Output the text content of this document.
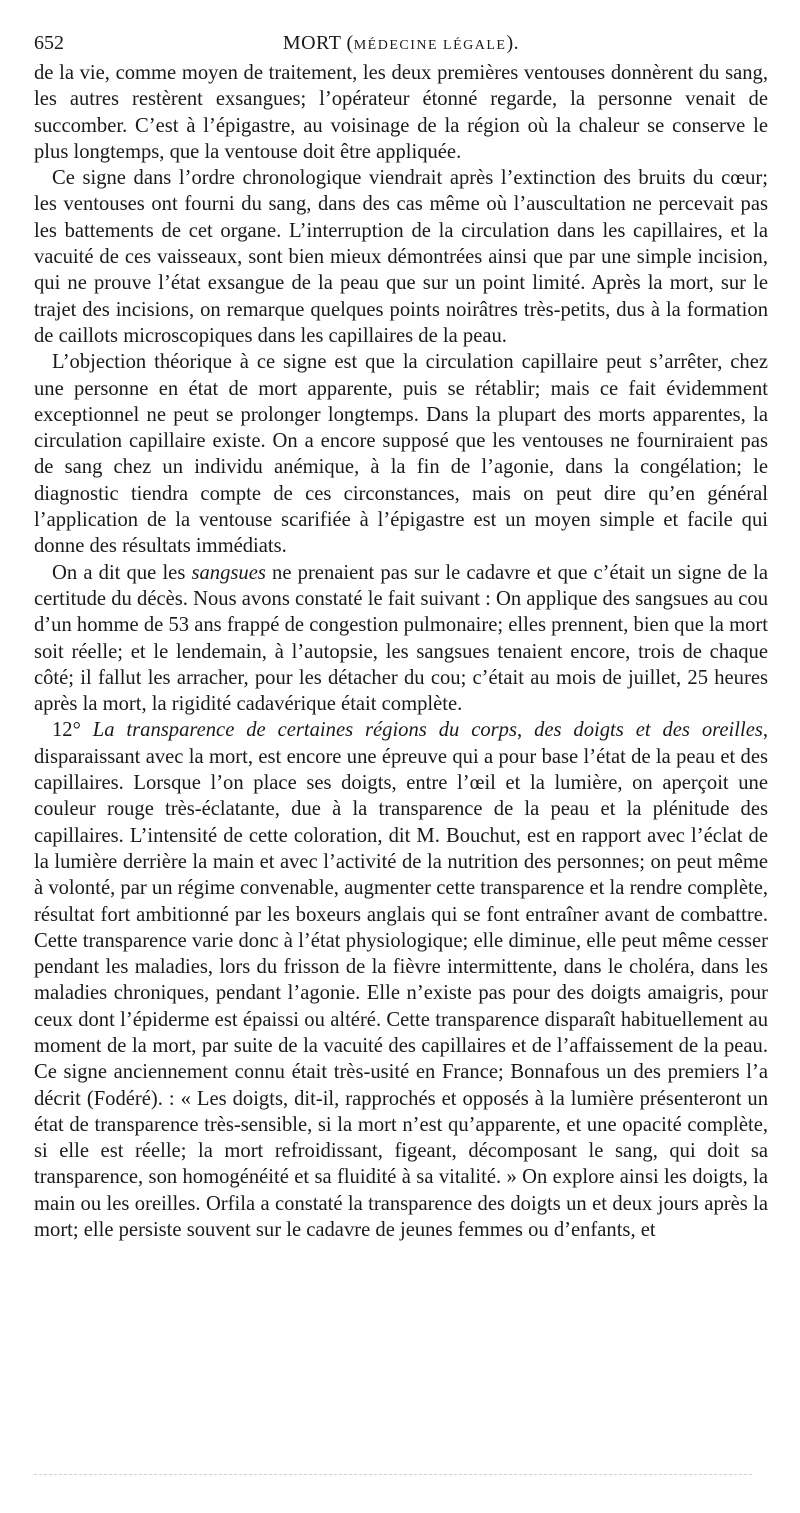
652	MORT (MÉDECINE LÉGALE).

de la vie, comme moyen de traitement, les deux premières ventouses donnèrent du sang, les autres restèrent exsangues; l’opérateur étonné regarde, la personne venait de succomber. C’est à l’épigastre, au voisinage de la région où la chaleur se conserve le plus longtemps, que la ventouse doit être appliquée.

Ce signe dans l’ordre chronologique viendrait après l’extinction des bruits du cœur; les ventouses ont fourni du sang, dans des cas même où l’auscultation ne percevait pas les battements de cet organe. L’interruption de la circulation dans les capillaires, et la vacuité de ces vaisseaux, sont bien mieux démontrées ainsi que par une simple incision, qui ne prouve l’état exsangue de la peau que sur un point limité. Après la mort, sur le trajet des incisions, on remarque quelques points noirâtres très-petits, dus à la formation de caillots microscopiques dans les capillaires de la peau.

L’objection théorique à ce signe est que la circulation capillaire peut s’arrêter, chez une personne en état de mort apparente, puis se rétablir; mais ce fait évidemment exceptionnel ne peut se prolonger longtemps. Dans la plupart des morts apparentes, la circulation capillaire existe. On a encore supposé que les ventouses ne fourniraient pas de sang chez un individu anémique, à la fin de l’agonie, dans la congélation; le diagnostic tiendra compte de ces circonstances, mais on peut dire qu’en général l’application de la ventouse scarifiée à l’épigastre est un moyen simple et facile qui donne des résultats immédiats.

On a dit que les sangsues ne prenaient pas sur le cadavre et que c’était un signe de la certitude du décès. Nous avons constaté le fait suivant : On applique des sangsues au cou d’un homme de 53 ans frappé de congestion pulmonaire; elles prennent, bien que la mort soit réelle; et le lendemain, à l’autopsie, les sangsues tenaient encore, trois de chaque côté; il fallut les arracher, pour les détacher du cou; c’était au mois de juillet, 25 heures après la mort, la rigidité cadavérique était complète.

12° La transparence de certaines régions du corps, des doigts et des oreilles, disparaissant avec la mort, est encore une épreuve qui a pour base l’état de la peau et des capillaires. Lorsque l’on place ses doigts, entre l’œil et la lumière, on aperçoit une couleur rouge très-éclatante, due à la transparence de la peau et la plénitude des capillaires. L’intensité de cette coloration, dit M. Bouchut, est en rapport avec l’éclat de la lumière derrière la main et avec l’activité de la nutrition des personnes; on peut même à volonté, par un régime convenable, augmenter cette transparence et la rendre complète, résultat fort ambitionné par les boxeurs anglais qui se font entraîner avant de combattre. Cette transparence varie donc à l’état physiologique; elle diminue, elle peut même cesser pendant les maladies, lors du frisson de la fièvre intermittente, dans le choléra, dans les maladies chroniques, pendant l’agonie. Elle n’existe pas pour des doigts amaigris, pour ceux dont l’épiderme est épaissi ou altéré. Cette transparence disparaît habituellement au moment de la mort, par suite de la vacuité des capillaires et de l’affaissement de la peau. Ce signe anciennement connu était très-usité en France; Bonnafous un des premiers l’a décrit (Fodéré). : « Les doigts, dit-il, rapprochés et opposés à la lumière présenteront un état de transparence très-sensible, si la mort n’est qu’apparente, et une opacité complète, si elle est réelle; la mort refroidissant, figeant, décomposant le sang, qui doit sa transparence, son homogénéité et sa fluidité à sa vitalité. » On explore ainsi les doigts, la main ou les oreilles. Orfila a constaté la transparence des doigts un et deux jours après la mort; elle persiste souvent sur le cadavre de jeunes femmes ou d’enfants, et
